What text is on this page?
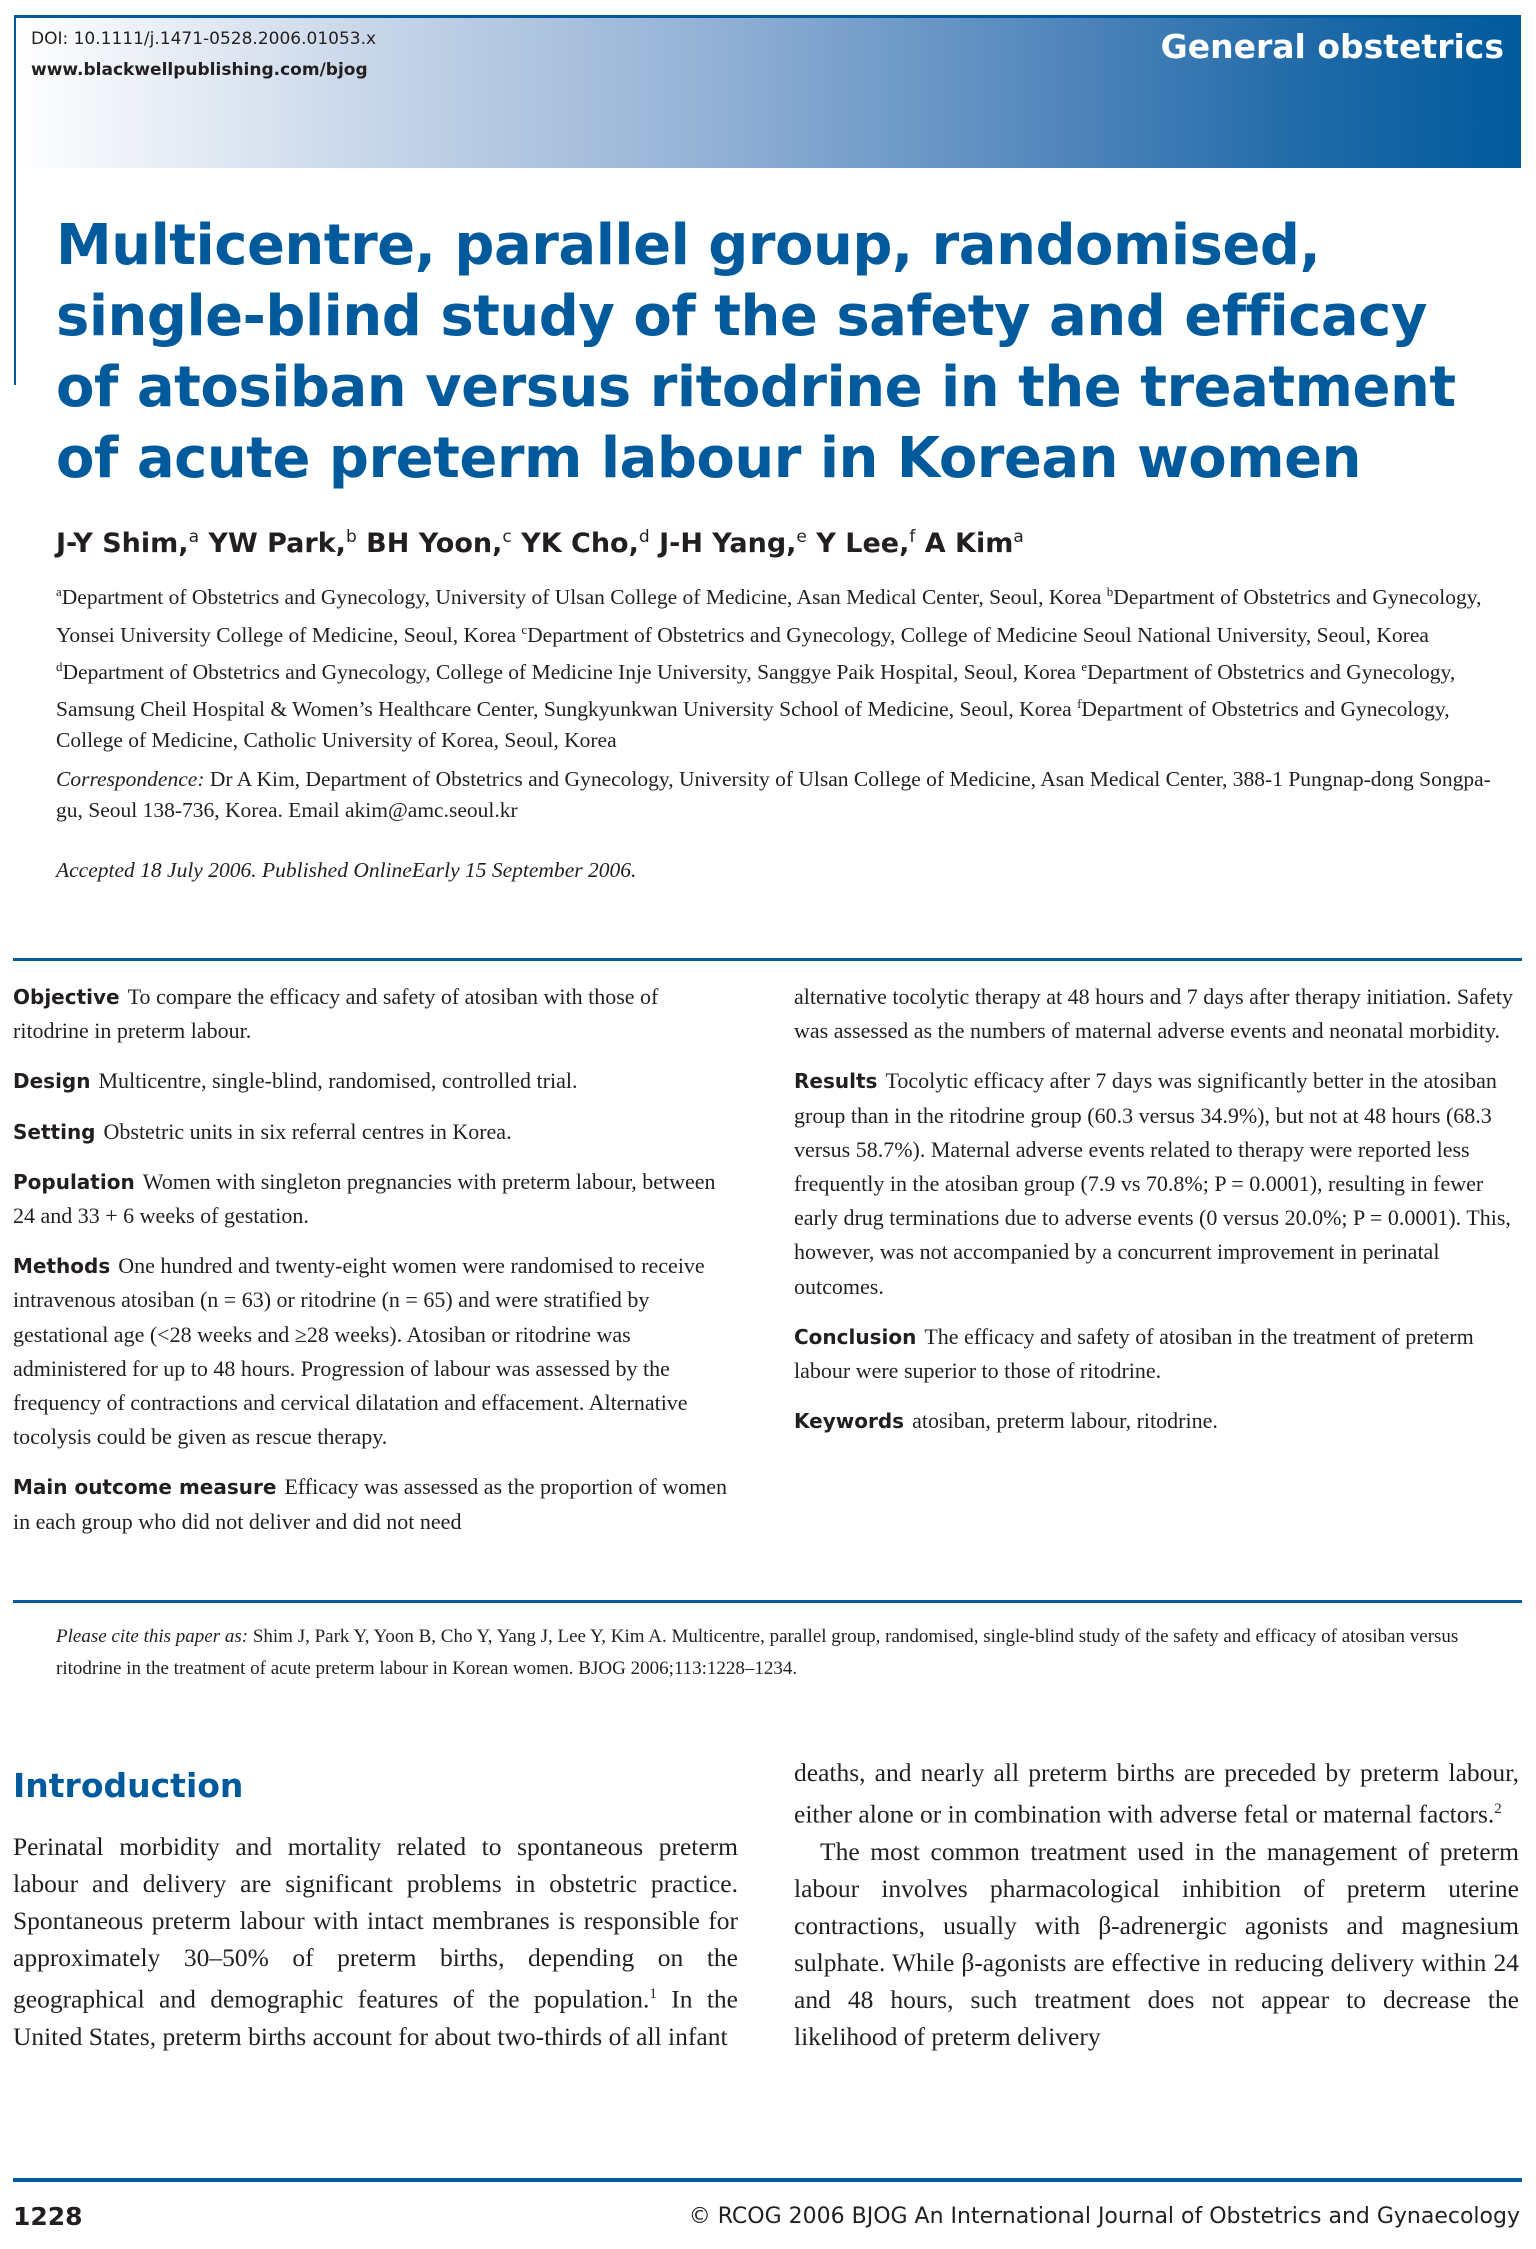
DOI: 10.1111/j.1471-0528.2006.01053.x
www.blackwellpublishing.com/bjog
General obstetrics
Multicentre, parallel group, randomised, single-blind study of the safety and efficacy of atosiban versus ritodrine in the treatment of acute preterm labour in Korean women
J-Y Shim,$^a$ YW Park,$^b$ BH Yoon,$^c$ YK Cho,$^d$ J-H Yang,$^e$ Y Lee,$^f$ A Kim$^a$
$^a$Department of Obstetrics and Gynecology, University of Ulsan College of Medicine, Asan Medical Center, Seoul, Korea $^b$Department of Obstetrics and Gynecology, Yonsei University College of Medicine, Seoul, Korea $^c$Department of Obstetrics and Gynecology, College of Medicine Seoul National University, Seoul, Korea $^d$Department of Obstetrics and Gynecology, College of Medicine Inje University, Sanggye Paik Hospital, Seoul, Korea $^e$Department of Obstetrics and Gynecology, Samsung Cheil Hospital & Women’s Healthcare Center, Sungkyunkwan University School of Medicine, Seoul, Korea $^f$Department of Obstetrics and Gynecology, College of Medicine, Catholic University of Korea, Seoul, Korea
Correspondence: Dr A Kim, Department of Obstetrics and Gynecology, University of Ulsan College of Medicine, Asan Medical Center, 388-1 Pungnap-dong Songpa-gu, Seoul 138-736, Korea. Email akim@amc.seoul.kr
Accepted 18 July 2006. Published OnlineEarly 15 September 2006.

Objective To compare the efficacy and safety of atosiban with those of ritodrine in preterm labour.

Design Multicentre, single-blind, randomised, controlled trial.

Setting Obstetric units in six referral centres in Korea.

Population Women with singleton pregnancies with preterm labour, between 24 and 33 + 6 weeks of gestation.

Methods One hundred and twenty-eight women were randomised to receive intravenous atosiban (n = 63) or ritodrine (n = 65) and were stratified by gestational age (<28 weeks and ≥28 weeks). Atosiban or ritodrine was administered for up to 48 hours. Progression of labour was assessed by the frequency of contractions and cervical dilatation and effacement. Alternative tocolysis could be given as rescue therapy.

Main outcome measure Efficacy was assessed as the proportion of women in each group who did not deliver and did not need

alternative tocolytic therapy at 48 hours and 7 days after therapy initiation. Safety was assessed as the numbers of maternal adverse events and neonatal morbidity.

Results Tocolytic efficacy after 7 days was significantly better in the atosiban group than in the ritodrine group (60.3 versus 34.9%), but not at 48 hours (68.3 versus 58.7%). Maternal adverse events related to therapy were reported less frequently in the atosiban group (7.9 vs 70.8%; P = 0.0001), resulting in fewer early drug terminations due to adverse events (0 versus 20.0%; P = 0.0001). This, however, was not accompanied by a concurrent improvement in perinatal outcomes.

Conclusion The efficacy and safety of atosiban in the treatment of preterm labour were superior to those of ritodrine.

Keywords atosiban, preterm labour, ritodrine.

Please cite this paper as: Shim J, Park Y, Yoon B, Cho Y, Yang J, Lee Y, Kim A. Multicentre, parallel group, randomised, single-blind study of the safety and efficacy of atosiban versus ritodrine in the treatment of acute preterm labour in Korean women. BJOG 2006;113:1228–1234.
Introduction

Perinatal morbidity and mortality related to spontaneous preterm labour and delivery are significant problems in obstetric practice. Spontaneous preterm labour with intact membranes is responsible for approximately 30–50% of preterm births, depending on the geographical and demographic features of the population.$^1$ In the United States, preterm births account for about two-thirds of all infant

deaths, and nearly all preterm births are preceded by preterm labour, either alone or in combination with adverse fetal or maternal factors.$^2$

The most common treatment used in the management of preterm labour involves pharmacological inhibition of preterm uterine contractions, usually with β-adrenergic agonists and magnesium sulphate. While β-agonists are effective in reducing delivery within 24 and 48 hours, such treatment does not appear to decrease the likelihood of preterm delivery

1228	© RCOG 2006 BJOG An International Journal of Obstetrics and Gynaecology
